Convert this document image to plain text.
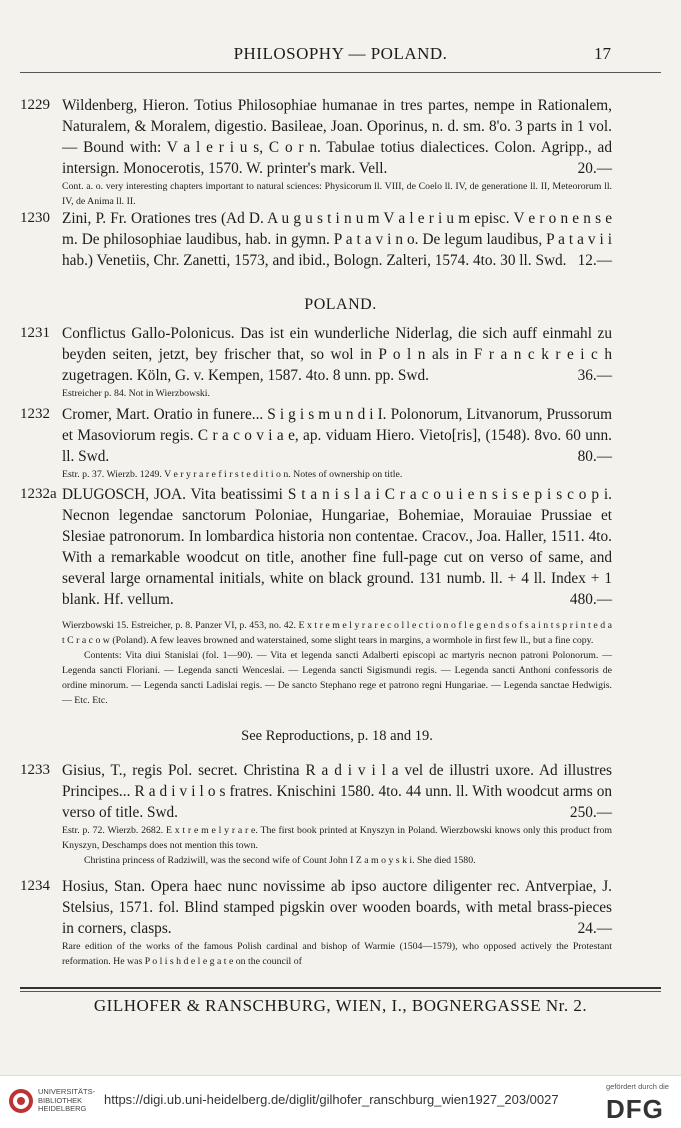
PHILOSOPHY — POLAND.	17
1229 Wildenberg, Hieron. Totius Philosophiae humanae in tres partes, nempe in Rationalem, Naturalem, & Moralem, digestio. Basileae, Joan. Oporinus, n. d. sm. 8'o. 3 parts in 1 vol. — Bound with: V a l e r i u s, C o r n. Tabulae totius dialectices. Colon. Agripp., ad intersign. Monocerotis, 1570. W. printer's mark. Vell.	20.—
Cont. a. o. very interesting chapters important to natural sciences: Physicorum ll. VIII, de Coelo ll. IV, de generatione ll. II, Meteororum ll. IV, de Anima ll. II.
1230 Zini, P. Fr. Orationes tres (Ad D. A u g u s t i n u m V a l e r i u m episc. V e r o n e n s e m. De philosophiae laudibus, hab. in gymn. P a t a v i n o. De legum laudibus, P a t a v i i hab.) Venetiis, Chr. Zanetti, 1573, and ibid., Bologn. Zalteri, 1574. 4to. 30 ll. Swd. 12.—
POLAND.
1231 Conflictus Gallo-Polonicus. Das ist ein wunderliche Niderlag, die sich auff einmahl zu beyden seiten, jetzt, bey frischer that, so wol in P o l n als in F r a n c k r e i c h zugetragen. Köln, G. v. Kempen, 1587. 4to. 8 unn. pp. Swd.	36.—
Estreicher p. 84. Not in Wierzbowski.
1232 Cromer, Mart. Oratio in funere... S i g i s m u n d i I. Polonorum, Litvanorum, Prussorum et Masoviorum regis. C r a c o v i a e, ap. viduam Hiero. Vieto[ris], (1548). 8vo. 60 unn. ll. Swd.	80.—
Estr. p. 37. Wierzb. 1249. V e r y r a r e f i r s t e d i t i o n. Notes of ownership on title.
1232a DLUGOSCH, JOA. Vita beatissimi S t a n i s l a i C r a c o u i e n s i s e p i s c o p i. Necnon legendae sanctorum Poloniae, Hungariae, Bohemiae, Morauiae Prussiae et Slesiae patronorum. In lombardica historia non contentae. Cracov., Joa. Haller, 1511. 4to. With a remarkable woodcut on title, another fine full-page cut on verso of same, and several large ornamental initials, white on black ground. 131 numb. ll. + 4 ll. Index + 1 blank. Hf. vellum.	480.—
Wierzbowski 15. Estreicher, p. 8. Panzer VI, p. 453, no. 42. E x t r e m e l y r a r e c o l l e c t i o n o f l e g e n d s o f s a i n t s p r i n t e d a t C r a c o w (Poland). A few leaves browned and waterstained, some slight tears in margins, a wormhole in first few ll., but a fine copy.
Contents: Vita diui Stanislai (fol. 1—90). — Vita et legenda sancti Adalberti episcopi ac martyris necnon patroni Polonorum. — Legenda sancti Floriani. — Legenda sancti Wenceslai. — Legenda sancti Sigismundi regis. — Legenda sancti Anthoni confessoris de ordine minorum. — Legenda sancti Ladislai regis. — De sancto Stephano rege et patrono regni Hungariae. — Legenda sanctae Hedwigis. — Etc. Etc.
See Reproductions, p. 18 and 19.
1233 Gisius, T., regis Pol. secret. Christina R a d i v i l a vel de illustri uxore. Ad illustres Principes... R a d i v i l o s fratres. Knischini 1580. 4to. 44 unn. ll. With woodcut arms on verso of title. Swd.	250.—
Estr. p. 72. Wierzb. 2682. E x t r e m e l y r a r e. The first book printed at Knyszyn in Poland. Wierzbowski knows only this product from Knyszyn, Deschamps does not mention this town.
Christina princess of Radziwill, was the second wife of Count John I Z a m o y s k i. She died 1580.
1234 Hosius, Stan. Opera haec nunc novissime ab ipso auctore diligenter rec. Antverpiae, J. Stelsius, 1571. fol. Blind stamped pigskin over wooden boards, with metal brass-pieces in corners, clasps.	24.—
Rare edition of the works of the famous Polish cardinal and bishop of Warmie (1504—1579), who opposed actively the Protestant reformation. He was P o l i s h d e l e g a t e on the council of
GILHOFER & RANSCHBURG, WIEN, I., BOGNERGASSE Nr. 2.
UNIVERSITÄTS-
BIBLIOTHEK
HEIDELBERG
https://digi.ub.uni-heidelberg.de/diglit/gilhofer_ranschburg_wien1927_203/0027
gefördert durch die
DFG
